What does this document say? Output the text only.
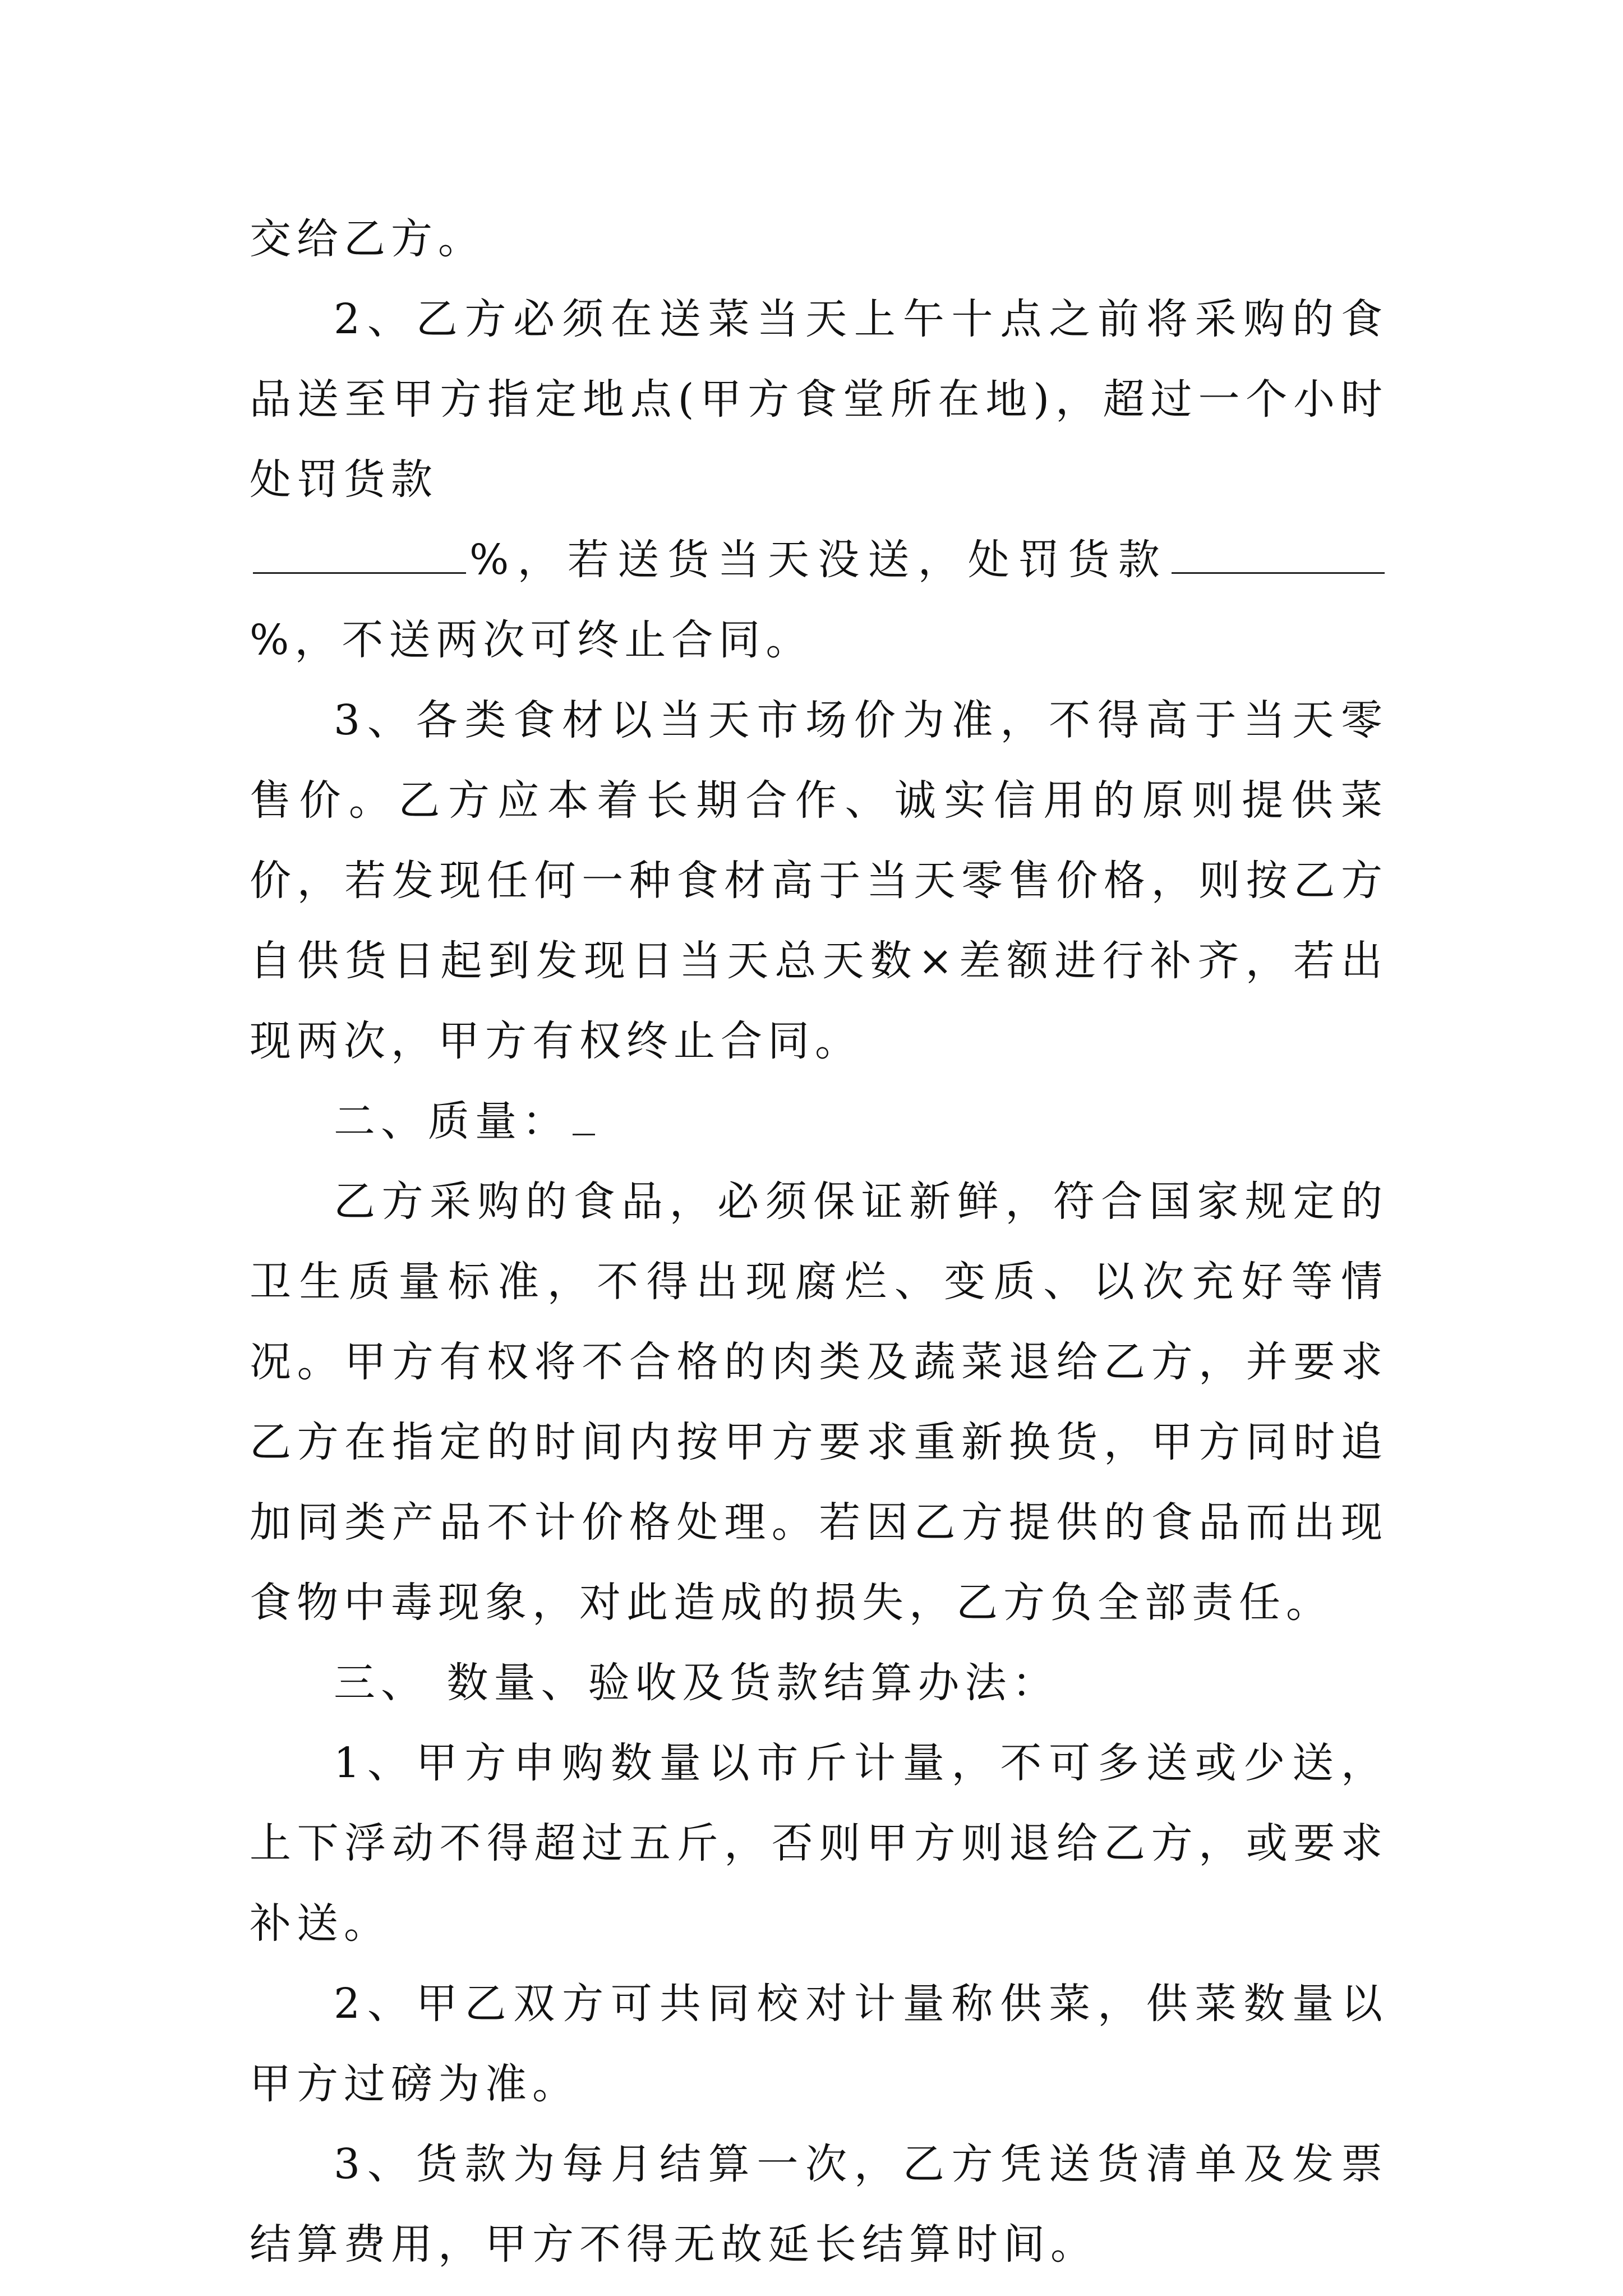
交给乙方。

2、乙方必须在送菜当天上午十点之前将采购的食品送至甲方指定地点(甲方食堂所在地)，超过一个小时处罚货款
%，若送货当天没送，处罚货款%，不送两次可终止合同。

3、各类食材以当天市场价为准，不得高于当天零售价。乙方应本着长期合作、诚实信用的原则提供菜价，若发现任何一种食材高于当天零售价格，则按乙方自供货日起到发现日当天总天数×差额进行补齐，若出现两次，甲方有权终止合同。

二、质量：

乙方采购的食品，必须保证新鲜，符合国家规定的卫生质量标准，不得出现腐烂、变质、以次充好等情况。甲方有权将不合格的肉类及蔬菜退给乙方，并要求乙方在指定的时间内按甲方要求重新换货，甲方同时追加同类产品不计价格处理。若因乙方提供的食品而出现食物中毒现象，对此造成的损失，乙方负全部责任。

三、 数量、验收及货款结算办法：

1、甲方申购数量以市斤计量，不可多送或少送，上下浮动不得超过五斤，否则甲方则退给乙方，或要求补送。

2、甲乙双方可共同校对计量称供菜，供菜数量以甲方过磅为准。

3、货款为每月结算一次，乙方凭送货清单及发票结算费用，甲方不得无故延长结算时间。
